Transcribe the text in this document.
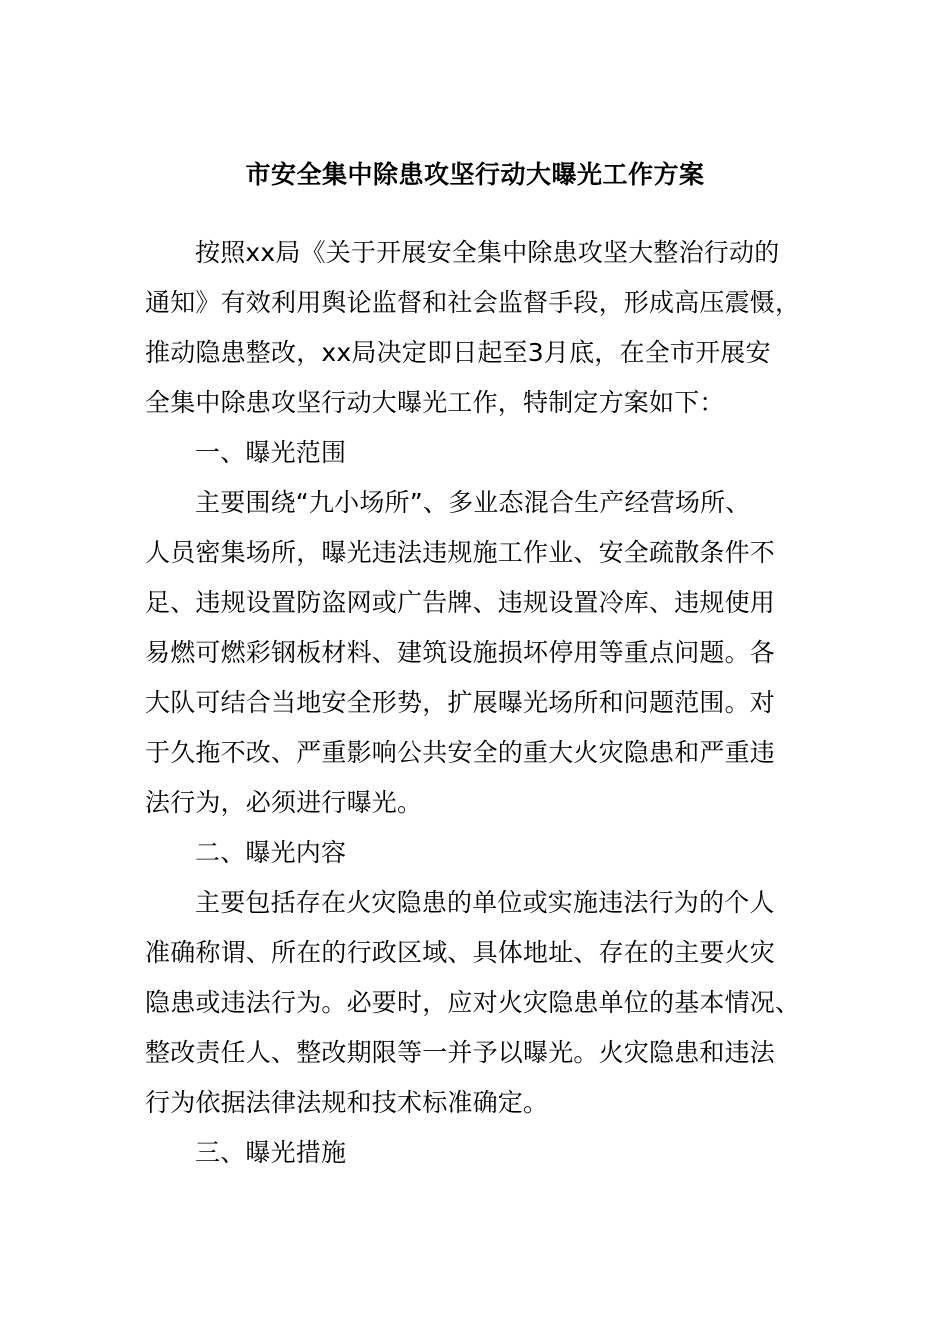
市安全集中除患攻坚行动大曝光工作方案

按照xx局《关于开展安全集中除患攻坚大整治行动的
通知》有效利用舆论监督和社会监督手段，形成高压震慑，
推动隐患整改，xx局决定即日起至3月底，在全市开展安
全集中除患攻坚行动大曝光工作，特制定方案如下：

一、曝光范围

主要围绕“九小场所”、多业态混合生产经营场所、
人员密集场所，曝光违法违规施工作业、安全疏散条件不
足、违规设置防盗网或广告牌、违规设置冷库、违规使用
易燃可燃彩钢板材料、建筑设施损坏停用等重点问题。各
大队可结合当地安全形势，扩展曝光场所和问题范围。对
于久拖不改、严重影响公共安全的重大火灾隐患和严重违
法行为，必须进行曝光。

二、曝光内容

主要包括存在火灾隐患的单位或实施违法行为的个人
准确称谓、所在的行政区域、具体地址、存在的主要火灾
隐患或违法行为。必要时，应对火灾隐患单位的基本情况、
整改责任人、整改期限等一并予以曝光。火灾隐患和违法
行为依据法律法规和技术标准确定。

三、曝光措施
